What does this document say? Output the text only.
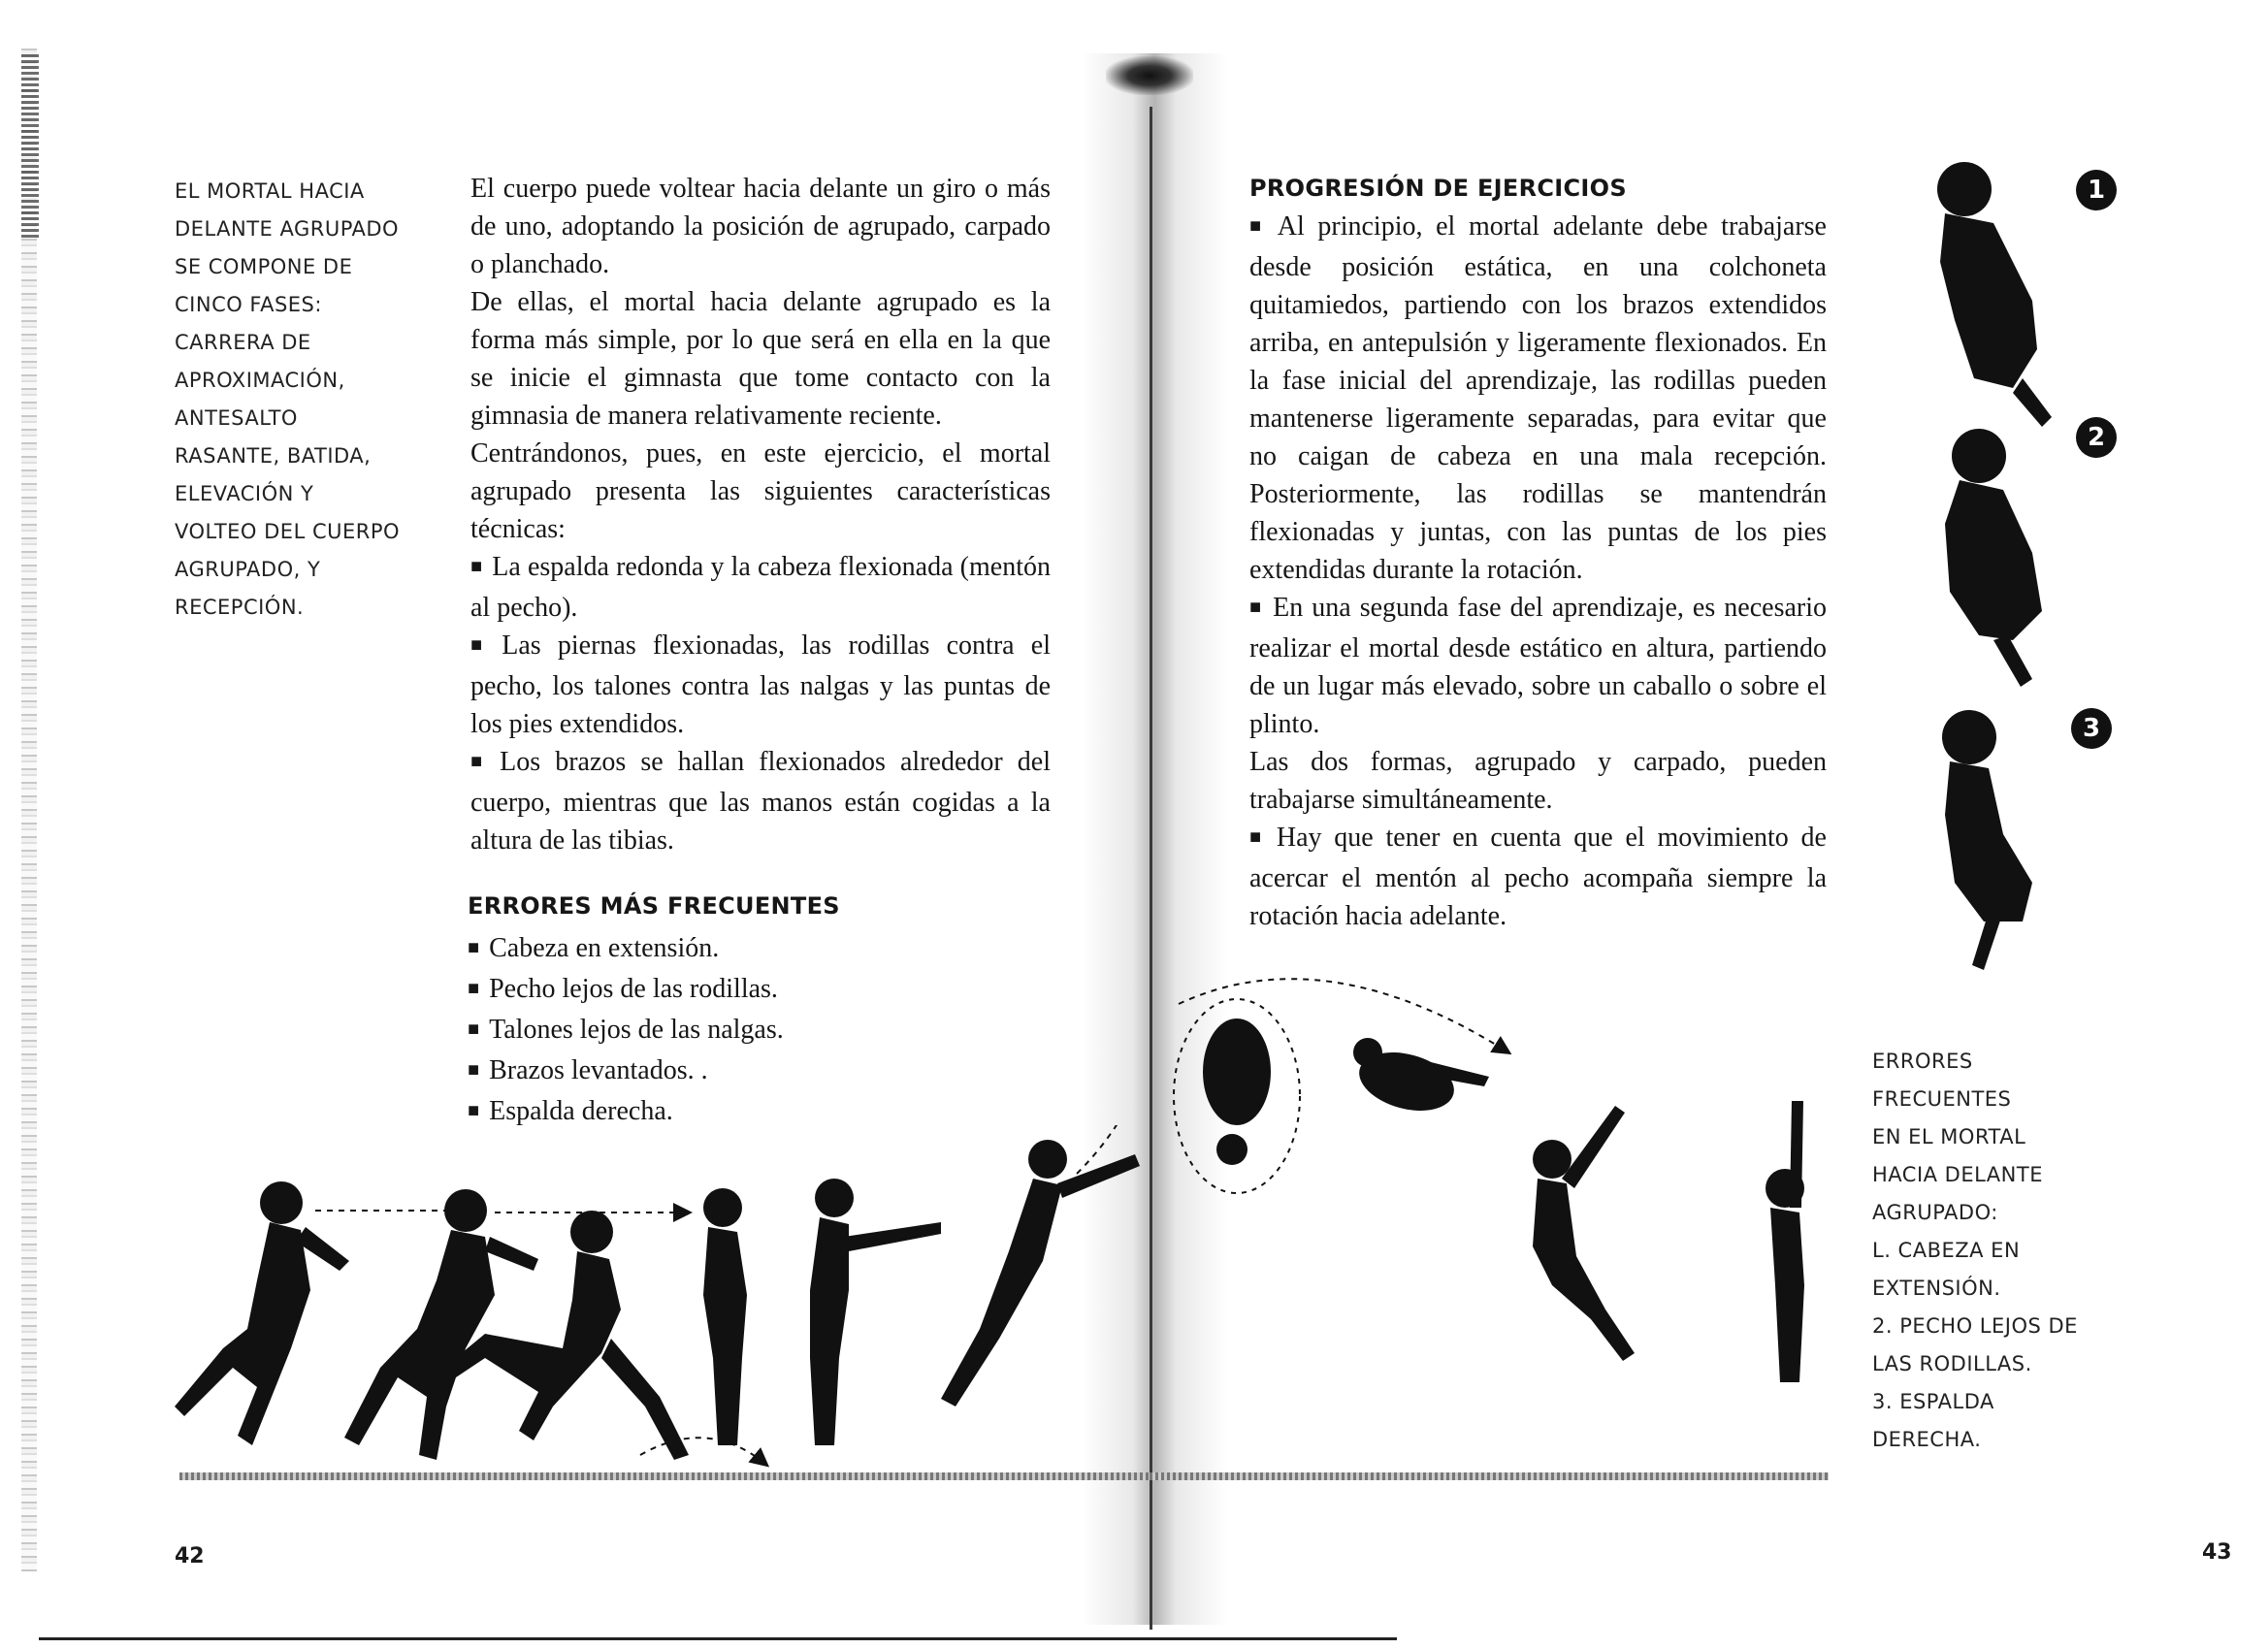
EL MORTAL HACIA
DELANTE AGRUPADO
SE COMPONE DE
CINCO FASES:
CARRERA DE
APROXIMACIÓN,
ANTESALTO
RASANTE, BATIDA,
ELEVACIÓN Y
VOLTEO DEL CUERPO
AGRUPADO, Y
RECEPCIÓN.

El cuerpo puede voltear hacia delante un giro o más de uno, adoptando la posición de agrupado, carpado o planchado.

De ellas, el mortal hacia delante agrupado es la forma más simple, por lo que será en ella en la que se inicie el gimnasta que tome contacto con la gimnasia de manera relativamente reciente.

Centrándonos, pues, en este ejercicio, el mortal agrupado presenta las siguientes características técnicas:

■ La espalda redonda y la cabeza flexionada (mentón al pecho).

■ Las piernas flexionadas, las rodillas contra el pecho, los talones contra las nalgas y las puntas de los pies extendidos.

■ Los brazos se hallan flexionados alrededor del cuerpo, mientras que las manos están cogidas a la altura de las tibias.

ERRORES MÁS FRECUENTES

■ Cabeza en extensión.

■ Pecho lejos de las rodillas.

■ Talones lejos de las nalgas.

■ Brazos levantados. .

■ Espalda derecha.

42

PROGRESIÓN DE EJERCICIOS

■ Al principio, el mortal adelante debe trabajarse desde posición estática, en una colchoneta quitamiedos, partiendo con los brazos extendidos arriba, en antepulsión y ligeramente flexionados. En la fase inicial del aprendizaje, las rodillas pueden mantenerse ligeramente separadas, para evitar que no caigan de cabeza en una mala recepción. Posteriormente, las rodillas se mantendrán flexionadas y juntas, con las puntas de los pies extendidas durante la rotación.

■ En una segunda fase del aprendizaje, es necesario realizar el mortal desde estático en altura, partiendo de un lugar más elevado, sobre un caballo o sobre el plinto.

Las dos formas, agrupado y carpado, pueden trabajarse simultáneamente.

■ Hay que tener en cuenta que el movimiento de acercar el mentón al pecho acompaña siempre la rotación hacia adelante.

1
2
3
ERRORES
FRECUENTES
EN EL MORTAL
HACIA DELANTE
AGRUPADO:
L. CABEZA EN
EXTENSIÓN.
2. PECHO LEJOS DE
LAS RODILLAS.
3. ESPALDA
DERECHA.
43
